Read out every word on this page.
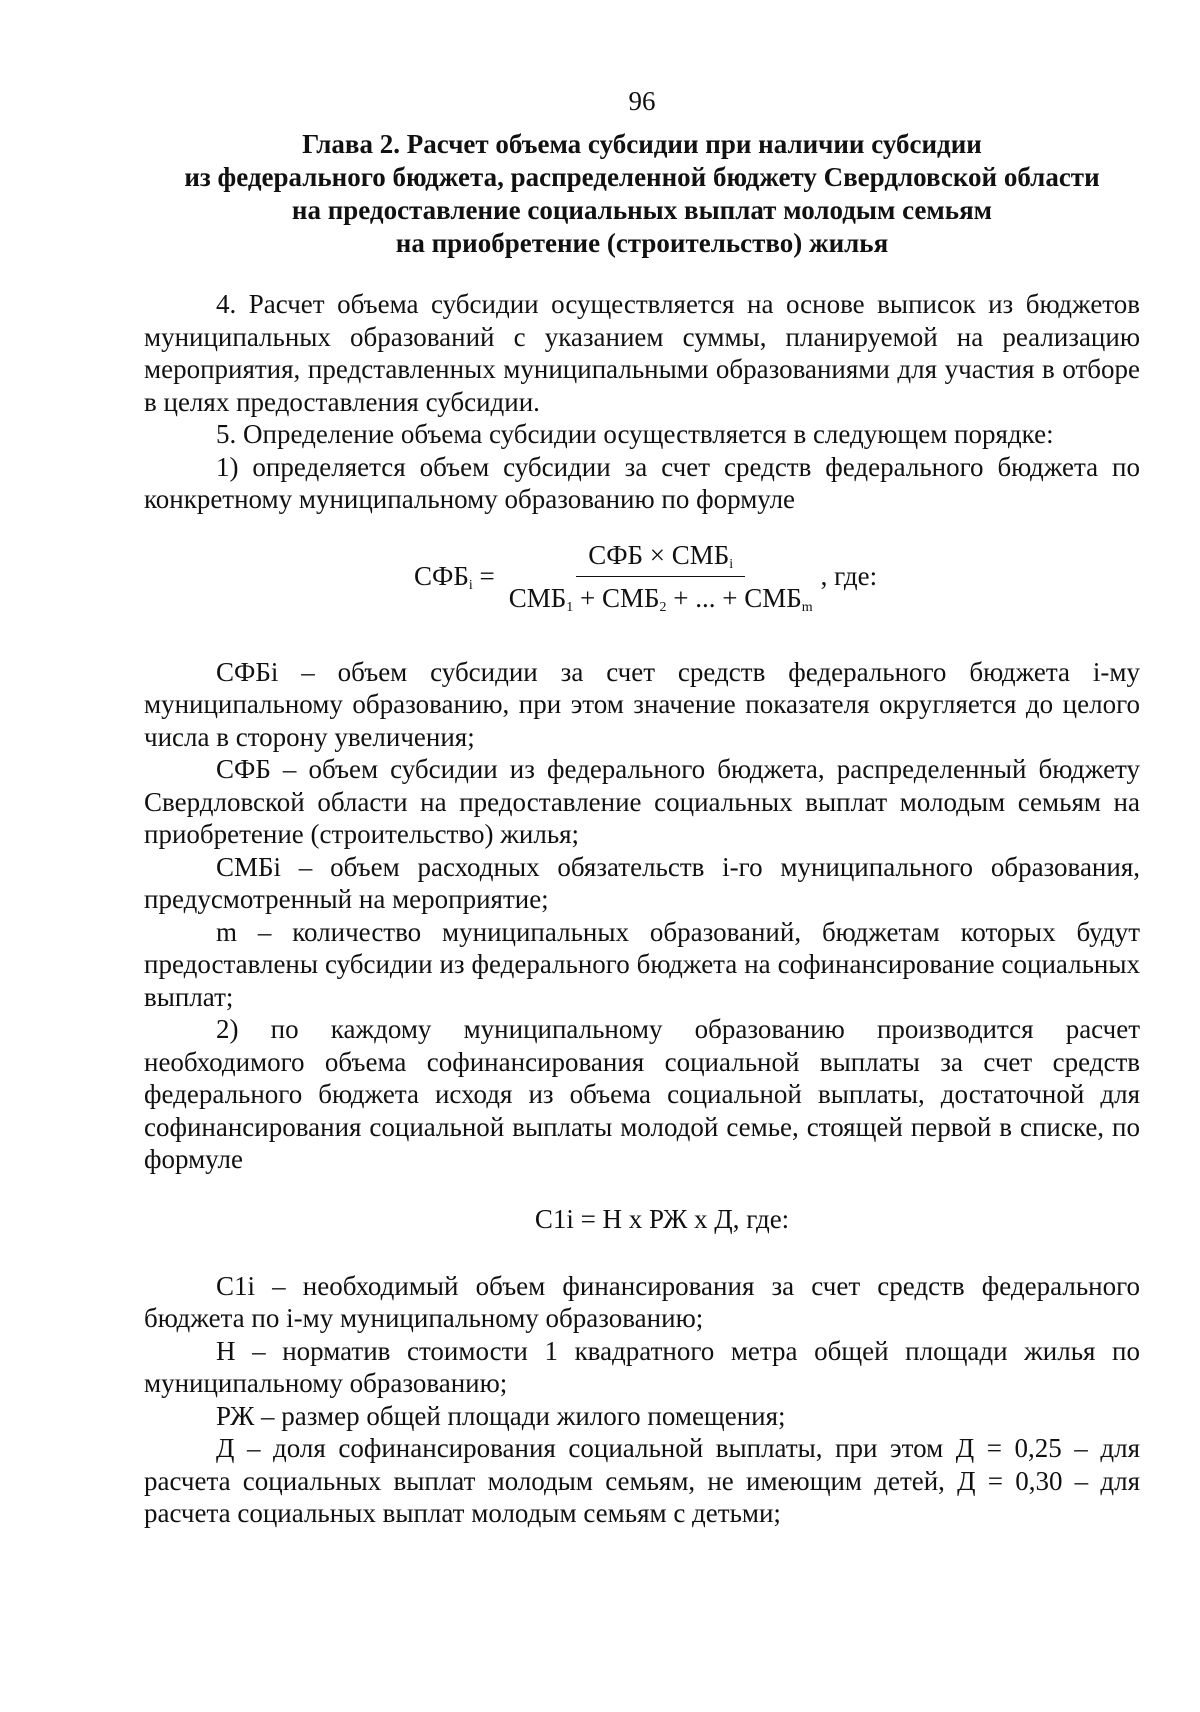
96
Глава 2. Расчет объема субсидии при наличии субсидии
из федерального бюджета, распределенной бюджету Свердловской области
на предоставление социальных выплат молодым семьям
на приобретение (строительство) жилья

4. Расчет объема субсидии осуществляется на основе выписок из бюджетов муниципальных образований с указанием суммы, планируемой на реализацию мероприятия, представленных муниципальными образованиями для участия в отборе в целях предоставления субсидии.

5. Определение объема субсидии осуществляется в следующем порядке:

1) определяется объем субсидии за счет средств федерального бюджета по конкретному муниципальному образованию по формуле

$СФБ_i = \frac{СФБ \times СМБ_i}{СМБ_1 + СМБ_2 + ... + СМБ_m}$ , где:

СФБi – объем субсидии за счет средств федерального бюджета i-му муниципальному образованию, при этом значение показателя округляется до целого числа в сторону увеличения;

СФБ – объем субсидии из федерального бюджета, распределенный бюджету Свердловской области на предоставление социальных выплат молодым семьям на приобретение (строительство) жилья;

СМБi – объем расходных обязательств i-го муниципального образования, предусмотренный на мероприятие;

m – количество муниципальных образований, бюджетам которых будут предоставлены субсидии из федерального бюджета на софинансирование социальных выплат;

2) по каждому муниципальному образованию производится расчет необходимого объема софинансирования социальной выплаты за счет средств федерального бюджета исходя из объема социальной выплаты, достаточной для софинансирования социальной выплаты молодой семье, стоящей первой в списке, по формуле

С1i = Н х РЖ х Д, где:

С1i – необходимый объем финансирования за счет средств федерального бюджета по i-му муниципальному образованию;

Н – норматив стоимости 1 квадратного метра общей площади жилья по муниципальному образованию;

РЖ – размер общей площади жилого помещения;

Д – доля софинансирования социальной выплаты, при этом Д = 0,25 – для расчета социальных выплат молодым семьям, не имеющим детей, Д = 0,30 – для расчета социальных выплат молодым семьям с детьми;
